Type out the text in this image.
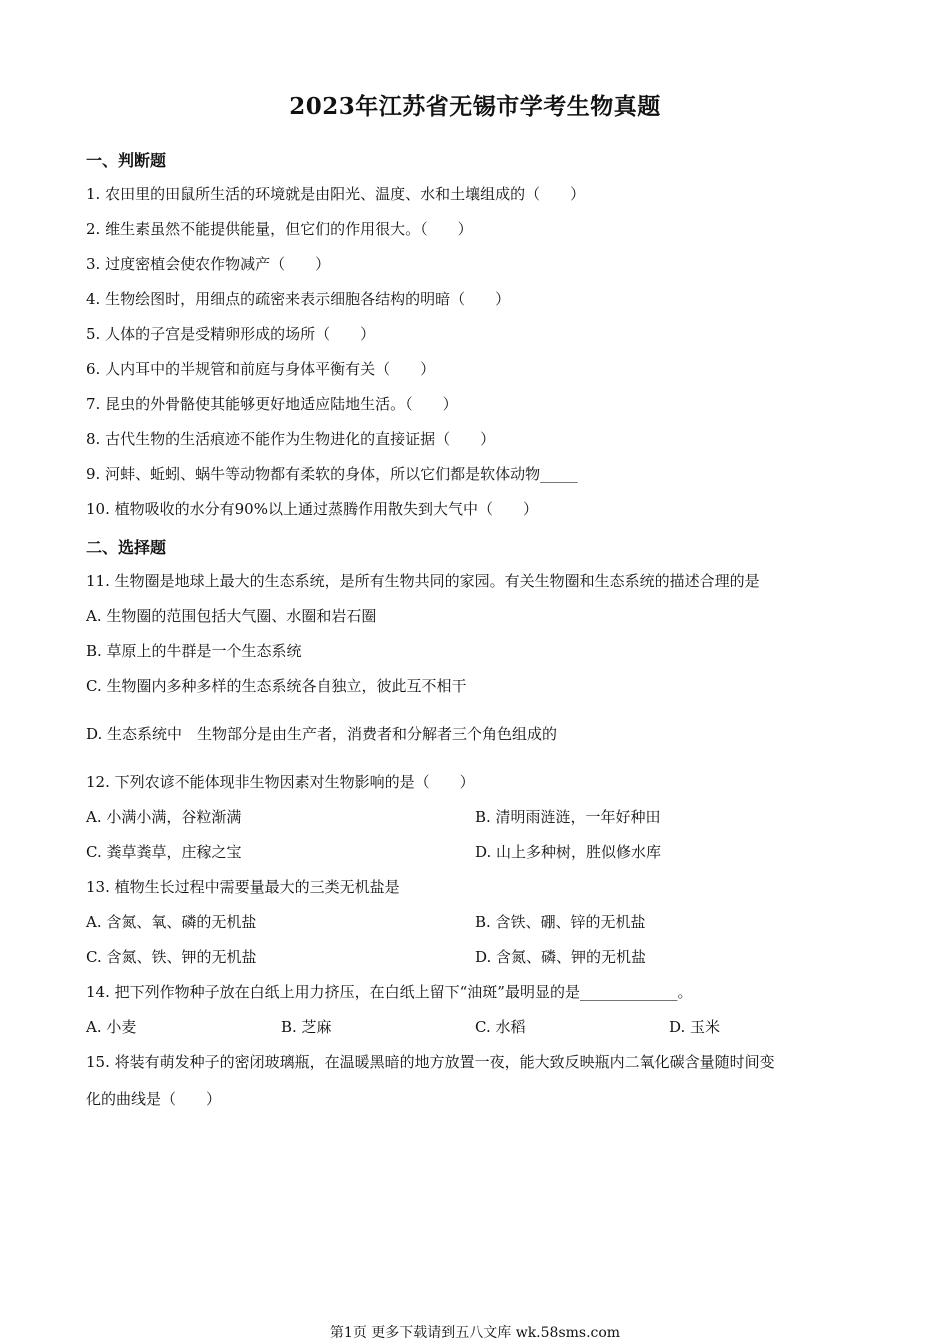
2023年江苏省无锡市学考生物真题
一、判断题
1. 农田里的田鼠所生活的环境就是由阳光、温度、水和土壤组成的（　　）
2. 维生素虽然不能提供能量，但它们的作用很大。（　　）
3. 过度密植会使农作物减产（　　）
4. 生物绘图时，用细点的疏密来表示细胞各结构的明暗（　　）
5. 人体的子宫是受精卵形成的场所（　　）
6. 人内耳中的半规管和前庭与身体平衡有关（　　）
7. 昆虫的外骨骼使其能够更好地适应陆地生活。（　　）
8. 古代生物的生活痕迹不能作为生物进化的直接证据（　　）
9. 河蚌、蚯蚓、蜗牛等动物都有柔软的身体，所以它们都是软体动物_____
10. 植物吸收的水分有90%以上通过蒸腾作用散失到大气中（　　）
二、选择题
11. 生物圈是地球上最大的生态系统，是所有生物共同的家园。有关生物圈和生态系统的描述合理的是
A. 生物圈的范围包括大气圈、水圈和岩石圈
B. 草原上的牛群是一个生态系统
C. 生物圈内多种多样的生态系统各自独立，彼此互不相干
D. 生态系统中　生物部分是由生产者，消费者和分解者三个角色组成的
12. 下列农谚不能体现非生物因素对生物影响的是（　　）
A. 小满小满，谷粒渐满	B. 清明雨涟涟，一年好种田
C. 粪草粪草，庄稼之宝	D. 山上多种树，胜似修水库
13. 植物生长过程中需要量最大的三类无机盐是
A. 含氮、氧、磷的无机盐	B. 含铁、硼、锌的无机盐
C. 含氮、铁、钾的无机盐	D. 含氮、磷、钾的无机盐
14. 把下列作物种子放在白纸上用力挤压，在白纸上留下“油斑”最明显的是_____________。
A. 小麦	B. 芝麻	C. 水稻	D. 玉米
15. 将装有萌发种子的密闭玻璃瓶，在温暖黑暗的地方放置一夜，能大致反映瓶内二氧化碳含量随时间变
化的曲线是（　　）
第1页 更多下载请到五八文库 wk.58sms.com
